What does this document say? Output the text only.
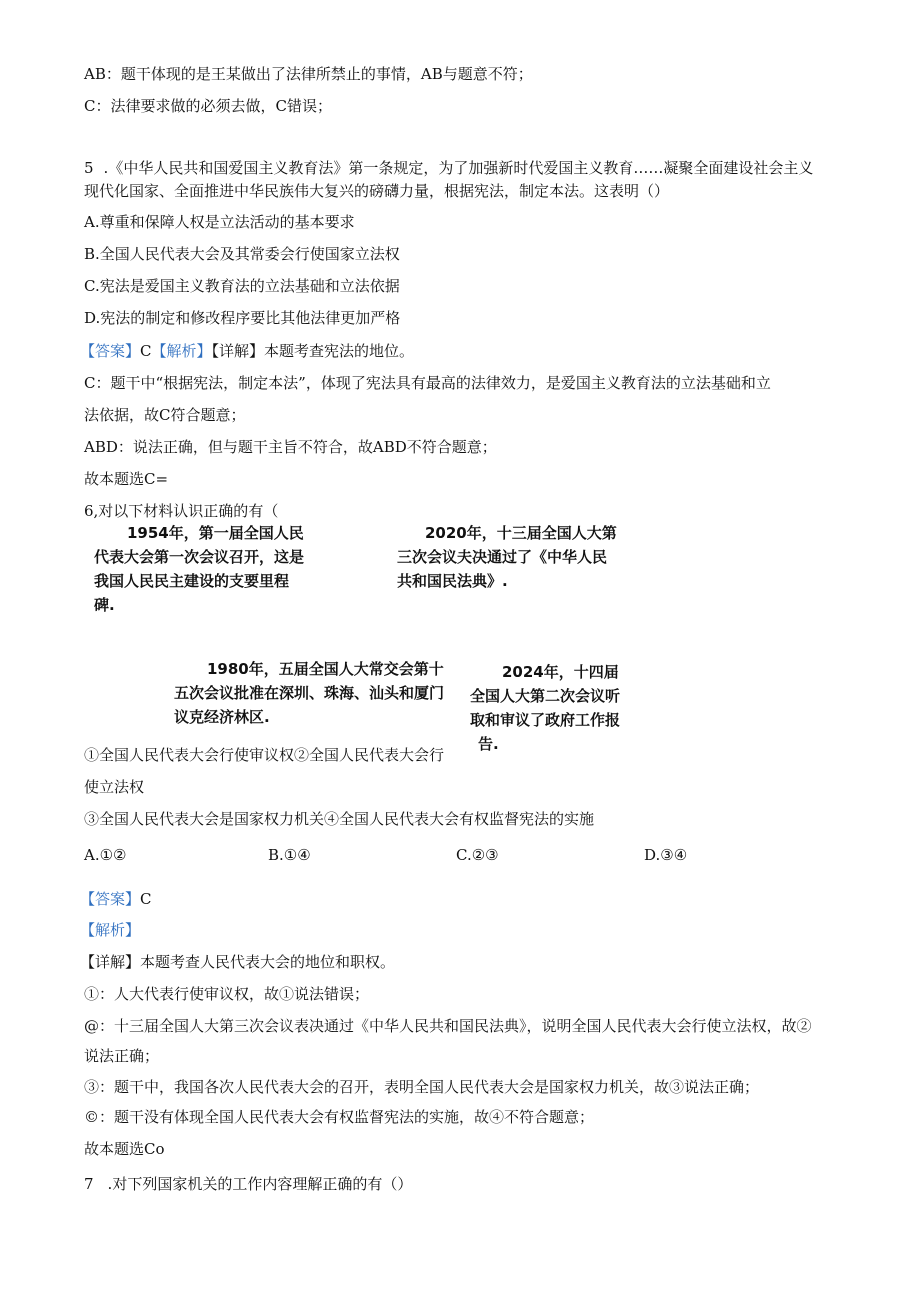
AB：题干体现的是王某做出了法律所禁止的事情，AB与题意不符；
C：法律要求做的必须去做，C错误；
5 .《中华人民共和国爱国主义教育法》第一条规定，为了加强新时代爱国主义教育……凝聚全面建设社会主义
现代化国家、全面推进中华民族伟大复兴的磅礴力量，根据宪法，制定本法。这表明（）
A.尊重和保障人权是立法活动的基本要求
B.全国人民代表大会及其常委会行使国家立法权
C.宪法是爱国主义教育法的立法基础和立法依据
D.宪法的制定和修改程序要比其他法律更加严格
【答案】C【解析】【详解】本题考查宪法的地位。
C：题干中“根据宪法，制定本法”，体现了宪法具有最高的法律效力，是爱国主义教育法的立法基础和立
法依据，故C符合题意；
ABD：说法正确，但与题干主旨不符合，故ABD不符合题意；
故本题选C=
6,对以下材料认识正确的有（
1954年，第一届全国人民
代表大会第一次会议召开，这是
我国人民民主建设的支要里程
碑.
2020年，十三届全国人大第
三次会议夫决通过了《中华人民
共和国民法典》.
1980年，五届全国人大常交会第十
五次会议批准在深圳、珠海、汕头和厦门
议克经济林区.
2024年，十四届
全国人大第二次会议听
取和审议了政府工作报
告.
①全国人民代表大会行使审议权②全国人民代表大会行
使立法权
③全国人民代表大会是国家权力机关④全国人民代表大会有权监督宪法的实施
A.①②	B.①④	C.②③	D.③④
【答案】C
【解析】
【详解】本题考查人民代表大会的地位和职权。
①：人大代表行使审议权，故①说法错误；
@：十三届全国人大第三次会议表决通过《中华人民共和国民法典》，说明全国人民代表大会行使立法权，故②
说法正确；
③：题干中，我国各次人民代表大会的召开，表明全国人民代表大会是国家权力机关，故③说法正确；
©：题干没有体现全国人民代表大会有权监督宪法的实施，故④不符合题意；
故本题选Co
7 .对下列国家机关的工作内容理解正确的有（）
